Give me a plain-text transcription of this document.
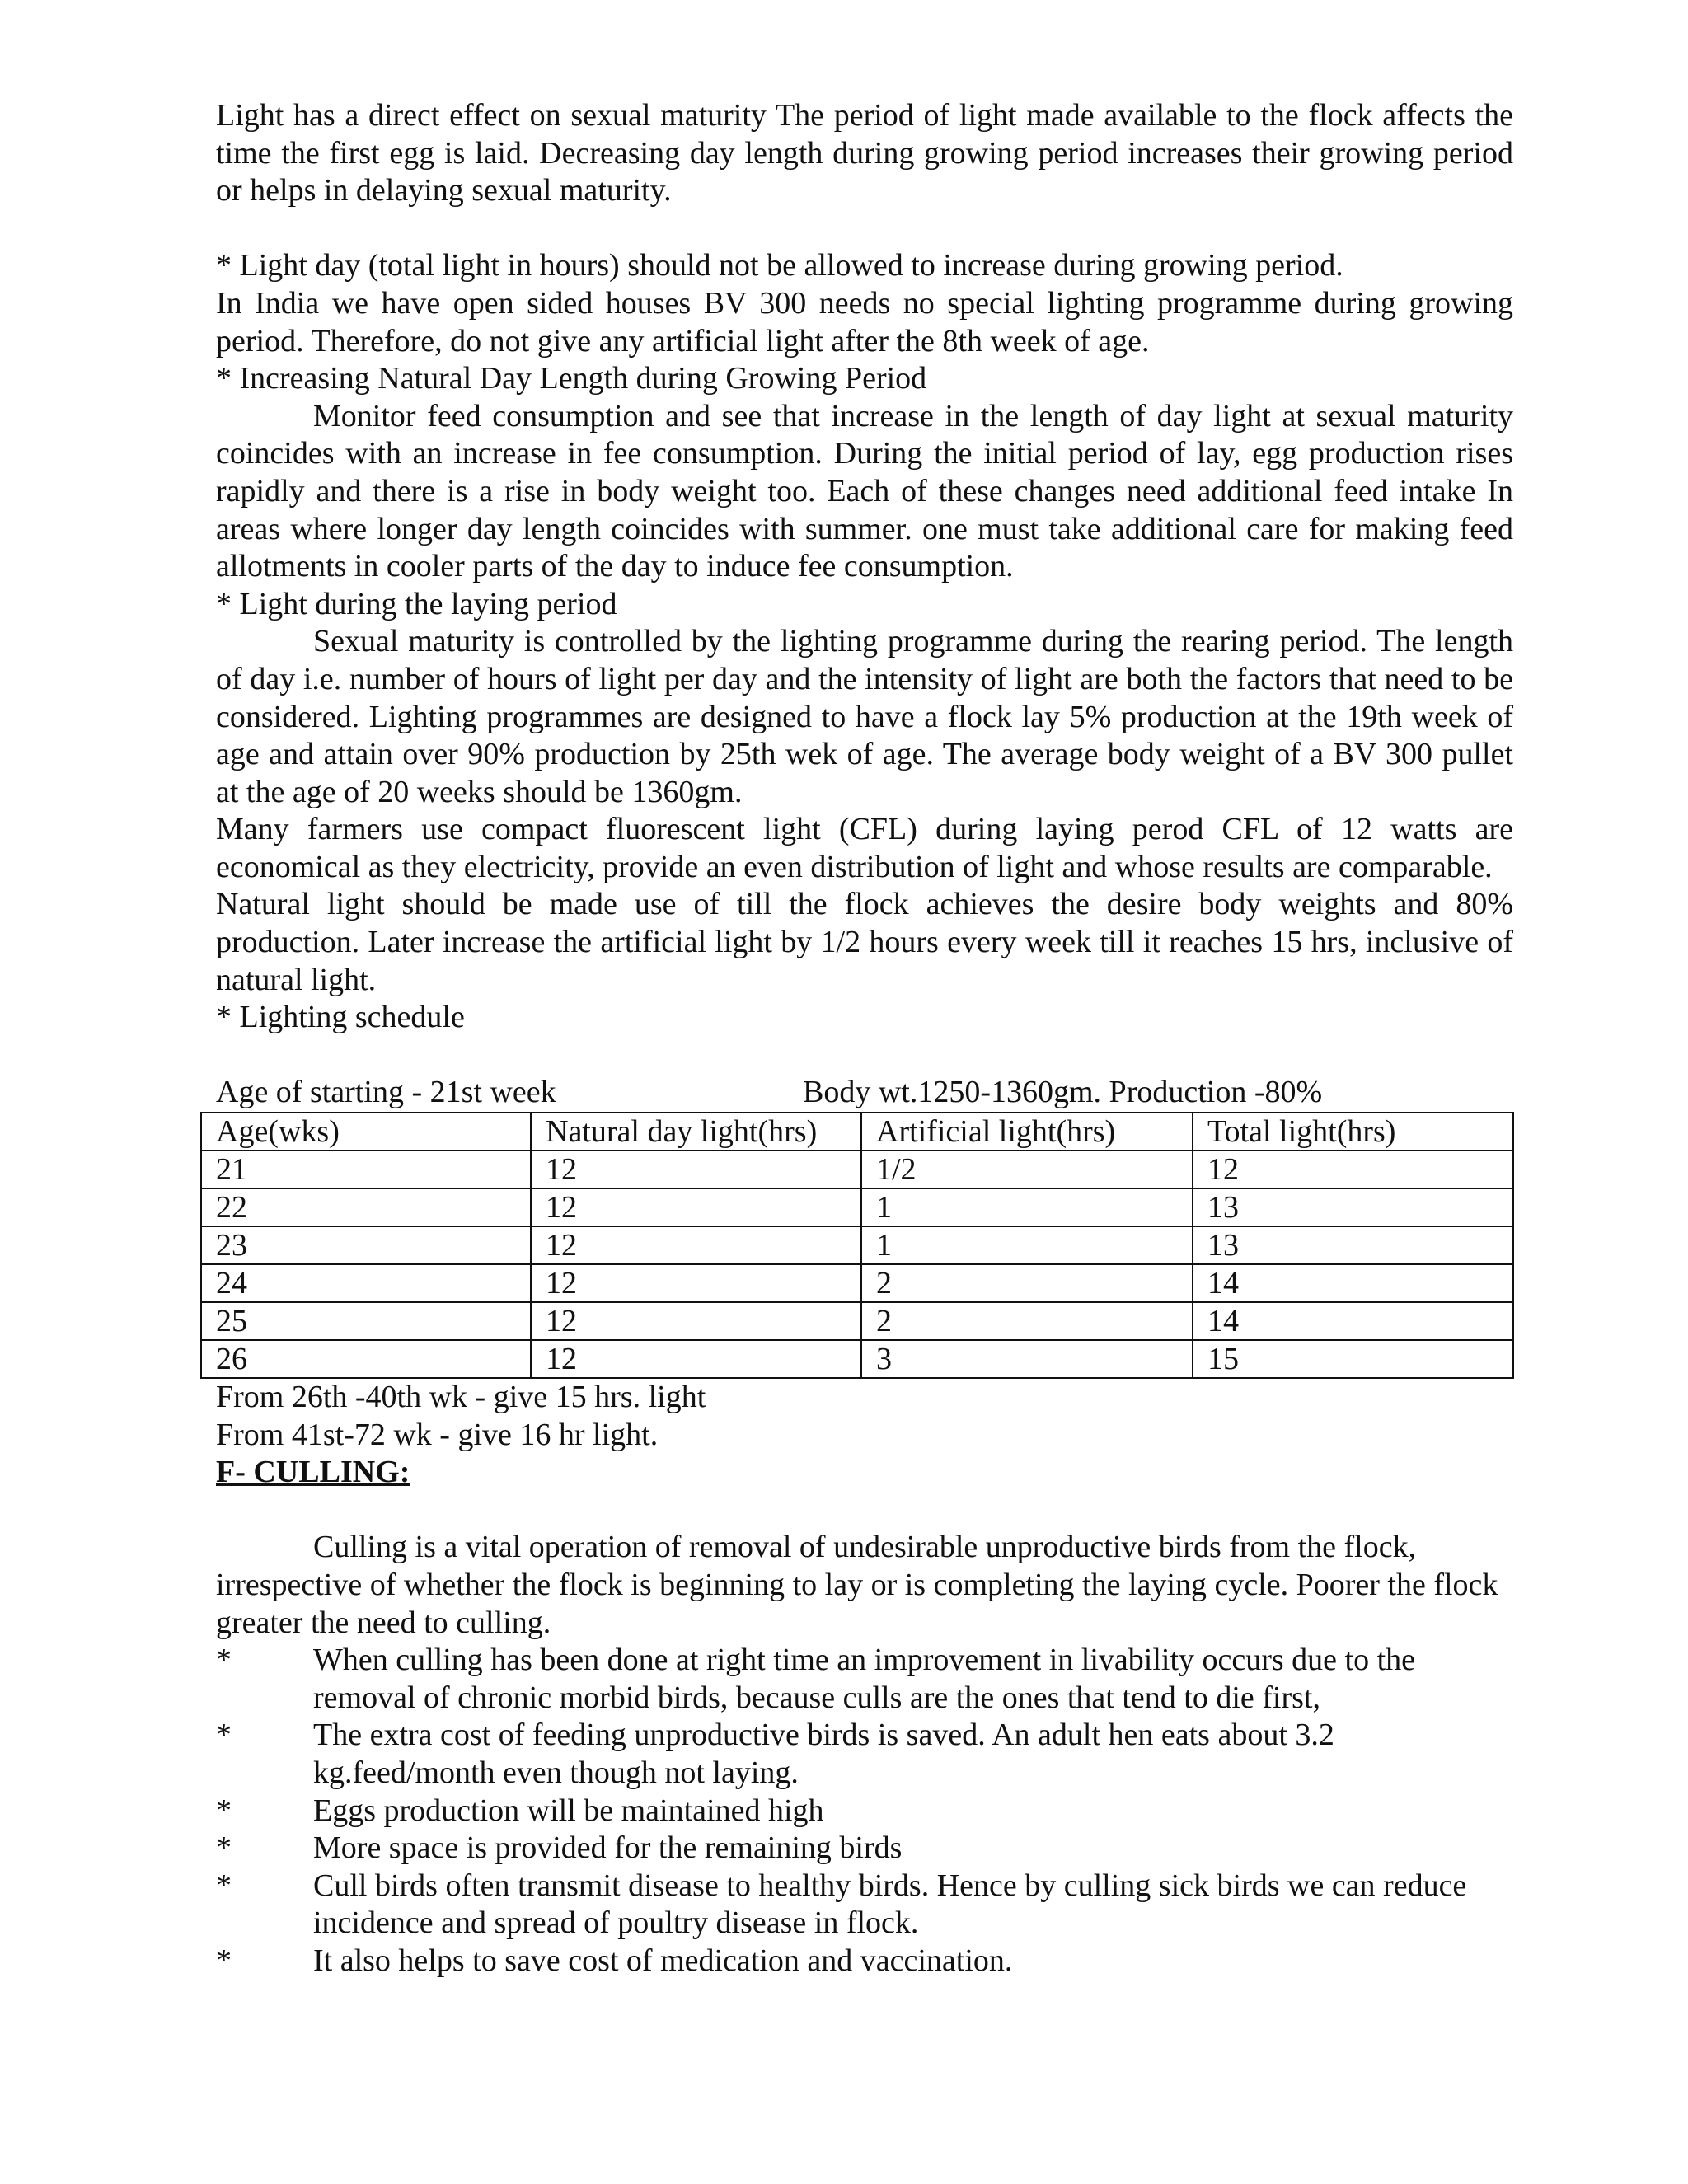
Light has a direct effect on sexual maturity The period of light made available to the flock affects the time the first egg is laid. Decreasing day length during growing period increases their growing period or helps in delaying sexual maturity.

* Light day (total light in hours) should not be allowed to increase during growing period.

In India we have open sided houses BV 300 needs no special lighting programme during growing period. Therefore, do not give any artificial light after the 8th week of age.

* Increasing Natural Day Length during Growing Period

Monitor feed consumption and see that increase in the length of day light at sexual maturity coincides with an increase in fee consumption. During the initial period of lay, egg production rises rapidly and there is a rise in body weight too. Each of these changes need additional feed intake In areas where longer day length coincides with summer. one must take additional care for making feed allotments in cooler parts of the day to induce fee consumption.

* Light during the laying period

Sexual maturity is controlled by the lighting programme during the rearing period. The length of day i.e. number of hours of light per day and the intensity of light are both the factors that need to be considered. Lighting programmes are designed to have a flock lay 5% production at the 19th week of age and attain over 90% production by 25th wek of age. The average body weight of a BV 300 pullet at the age of 20 weeks should be 1360gm.

Many farmers use compact fluorescent light (CFL) during laying perod CFL of 12 watts are economical as they electricity, provide an even distribution of light and whose results are comparable.

Natural light should be made use of till the flock achieves the desire body weights and 80% production. Later increase the artificial light by 1/2 hours every week till it reaches 15 hrs, inclusive of natural light.

* Lighting schedule

Age of starting - 21st week	Body wt.1250-1360gm. Production -80%
Age(wks)	Natural day light(hrs)	Artificial light(hrs)	Total light(hrs)
21	12	1/2	12
22	12	1	13
23	12	1	13
24	12	2	14
25	12	2	14
26	12	3	15

From 26th -40th wk - give 15 hrs. light

From 41st-72 wk - give 16 hr light.

F- CULLING:

Culling is a vital operation of removal of undesirable unproductive birds from the flock, irrespective of whether the flock is beginning to lay or is completing the laying cycle. Poorer the flock greater the need to culling.

*	When culling has been done at right time an improvement in livability occurs due to the removal of chronic morbid birds, because culls are the ones that tend to die first,
*	The extra cost of feeding unproductive birds is saved. An adult hen eats about 3.2 kg.feed/month even though not laying.
*	Eggs production will be maintained high
*	More space is provided for the remaining birds
*	Cull birds often transmit disease to healthy birds. Hence by culling sick birds we can reduce incidence and spread of poultry disease in flock.
*	It also helps to save cost of medication and vaccination.
